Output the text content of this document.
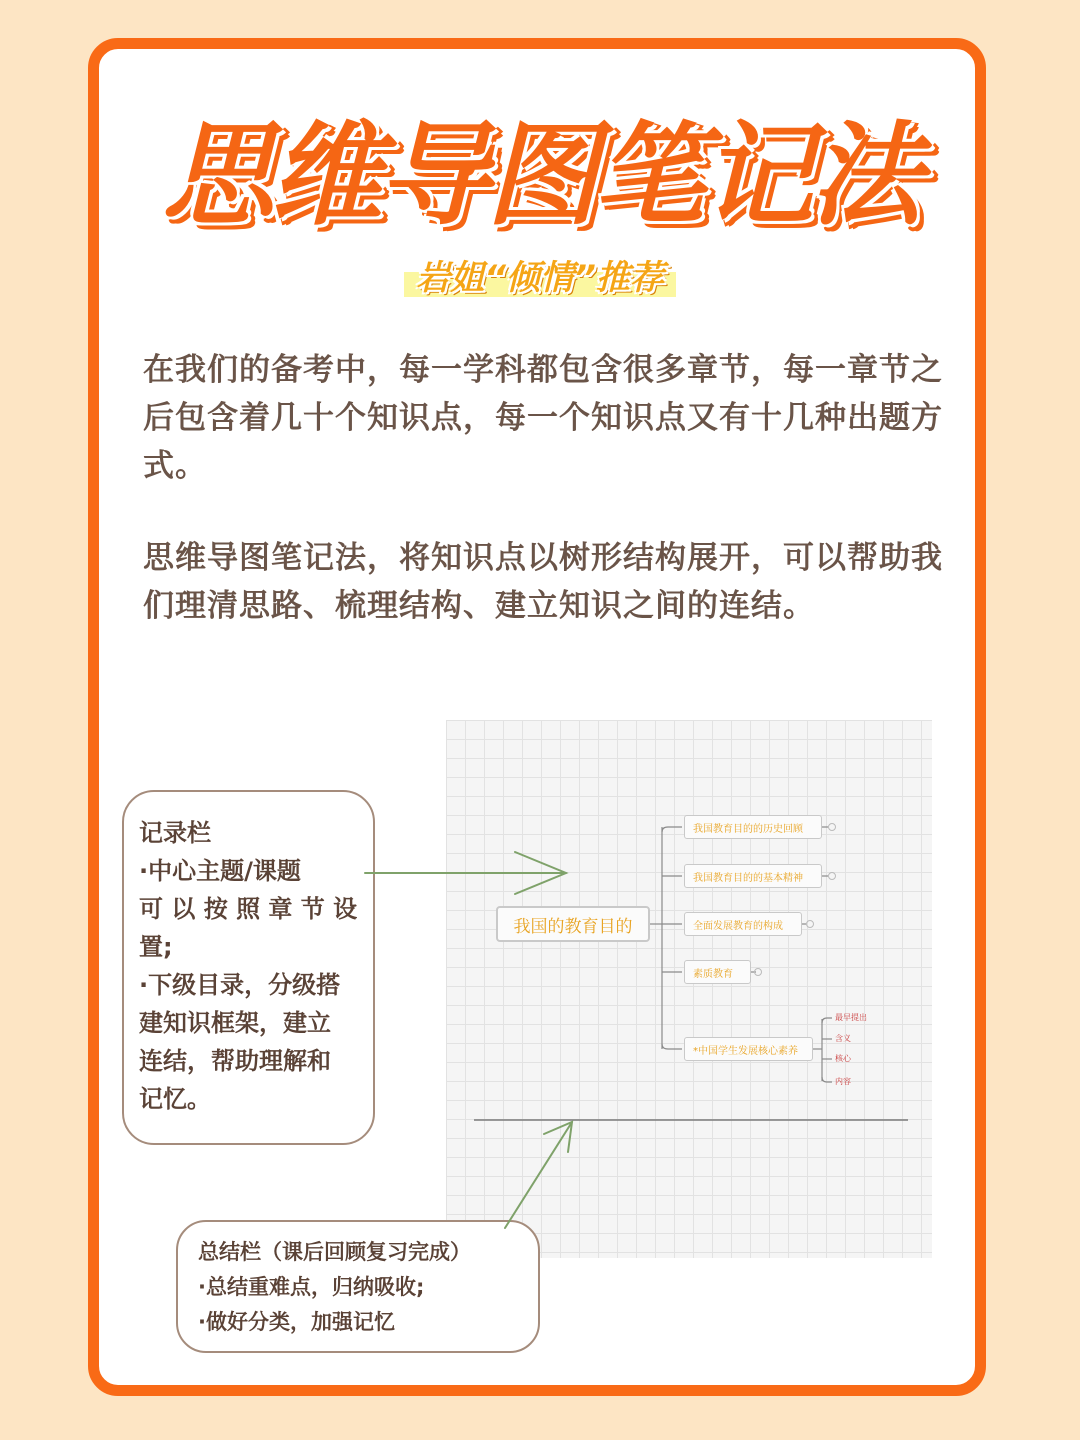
思维导图笔记法
岩姐“倾情”推荐
在我们的备考中，每一学科都包含很多章节，每一章节之后包含着几十个知识点，每一个知识点又有十几种出题方式。
思维导图笔记法，将知识点以树形结构展开，可以帮助我们理清思路、梳理结构、建立知识之间的连结。
我国的教育目的
我国教育目的的历史回顾
我国教育目的的基本精神
全面发展教育的构成
素质教育
*中国学生发展核心素养
最早提出
含义
核心
内容
记录栏
·中心主题/课题
可 以 按 照 章 节 设
置;
·下级目录，分级搭
建知识框架，建立
连结，帮助理解和
记忆。
总结栏（课后回顾复习完成）
·总结重难点，归纳吸收;
·做好分类，加强记忆
